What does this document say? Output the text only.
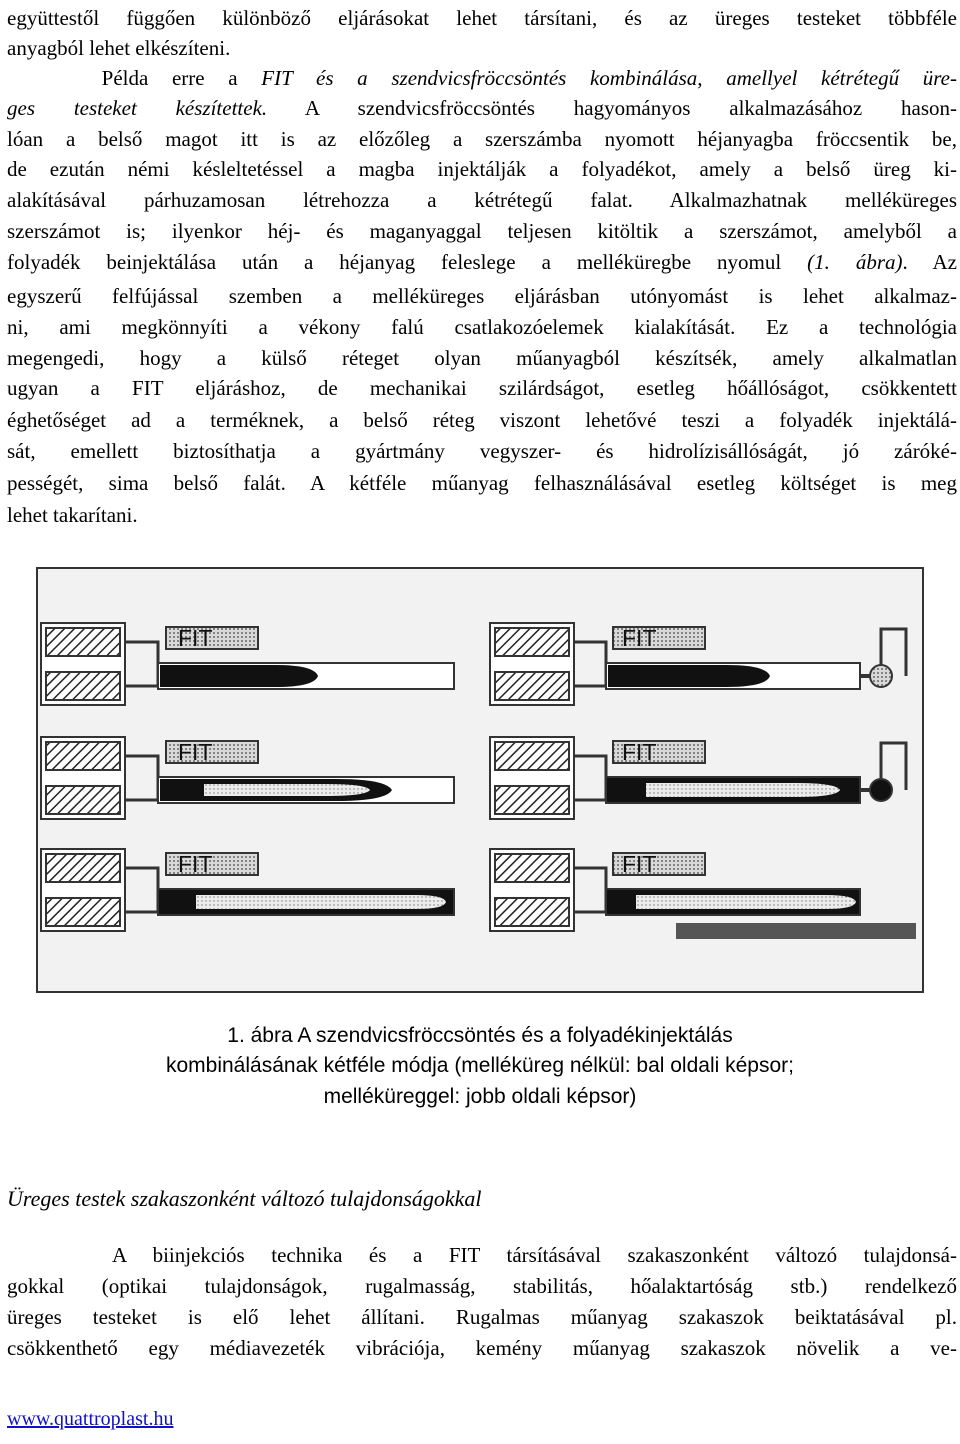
együttestől függően különböző eljárásokat lehet társítani, és az üreges testeket többféle
anyagból lehet elkészíteni.
Példa erre a FIT és a szendvicsfröccsöntés kombinálása, amellyel kétrétegű üre-
ges testeket készítettek. A szendvicsfröccsöntés hagyományos alkalmazásához hason-
lóan a belső magot itt is az előzőleg a szerszámba nyomott héjanyagba fröccsentik be,
de ezután némi késleltetéssel a magba injektálják a folyadékot, amely a belső üreg ki-
alakításával párhuzamosan létrehozza a kétrétegű falat. Alkalmazhatnak melléküreges
szerszámot is; ilyenkor héj- és maganyaggal teljesen kitöltik a szerszámot, amelyből a
folyadék beinjektálása után a héjanyag feleslege a melléküregbe nyomul (1. ábra). Az
egyszerű felfújással szemben a melléküreges eljárásban utónyomást is lehet alkalmaz-
ni, ami megkönnyíti a vékony falú csatlakozóelemek kialakítását. Ez a technológia
megengedi, hogy a külső réteget olyan műanyagból készítsék, amely alkalmatlan
ugyan a FIT eljáráshoz, de mechanikai szilárdságot, esetleg hőállóságot, csökkentett
éghetőséget ad a terméknek, a belső réteg viszont lehetővé teszi a folyadék injektálá-
sát, emellett biztosíthatja a gyártmány vegyszer- és hidrolízisállóságát, jó záróké-
pességét, sima belső falát. A kétféle műanyag felhasználásával esetleg költséget is meg
lehet takarítani.
FIT	FIT
FIT	FIT
FIT	FIT
1. ábra A szendvicsfröccsöntés és a folyadékinjektálás
kombinálásának kétféle módja (melléküreg nélkül: bal oldali képsor;
melléküreggel: jobb oldali képsor)
Üreges testek szakaszonként változó tulajdonságokkal
A biinjekciós technika és a FIT társításával szakaszonként változó tulajdonsá-
gokkal (optikai tulajdonságok, rugalmasság, stabilitás, hőalaktartóság stb.) rendelkező
üreges testeket is elő lehet állítani. Rugalmas műanyag szakaszok beiktatásával pl.
csökkenthető egy médiavezeték vibrációja, kemény műanyag szakaszok növelik a ve-
www.quattroplast.hu
